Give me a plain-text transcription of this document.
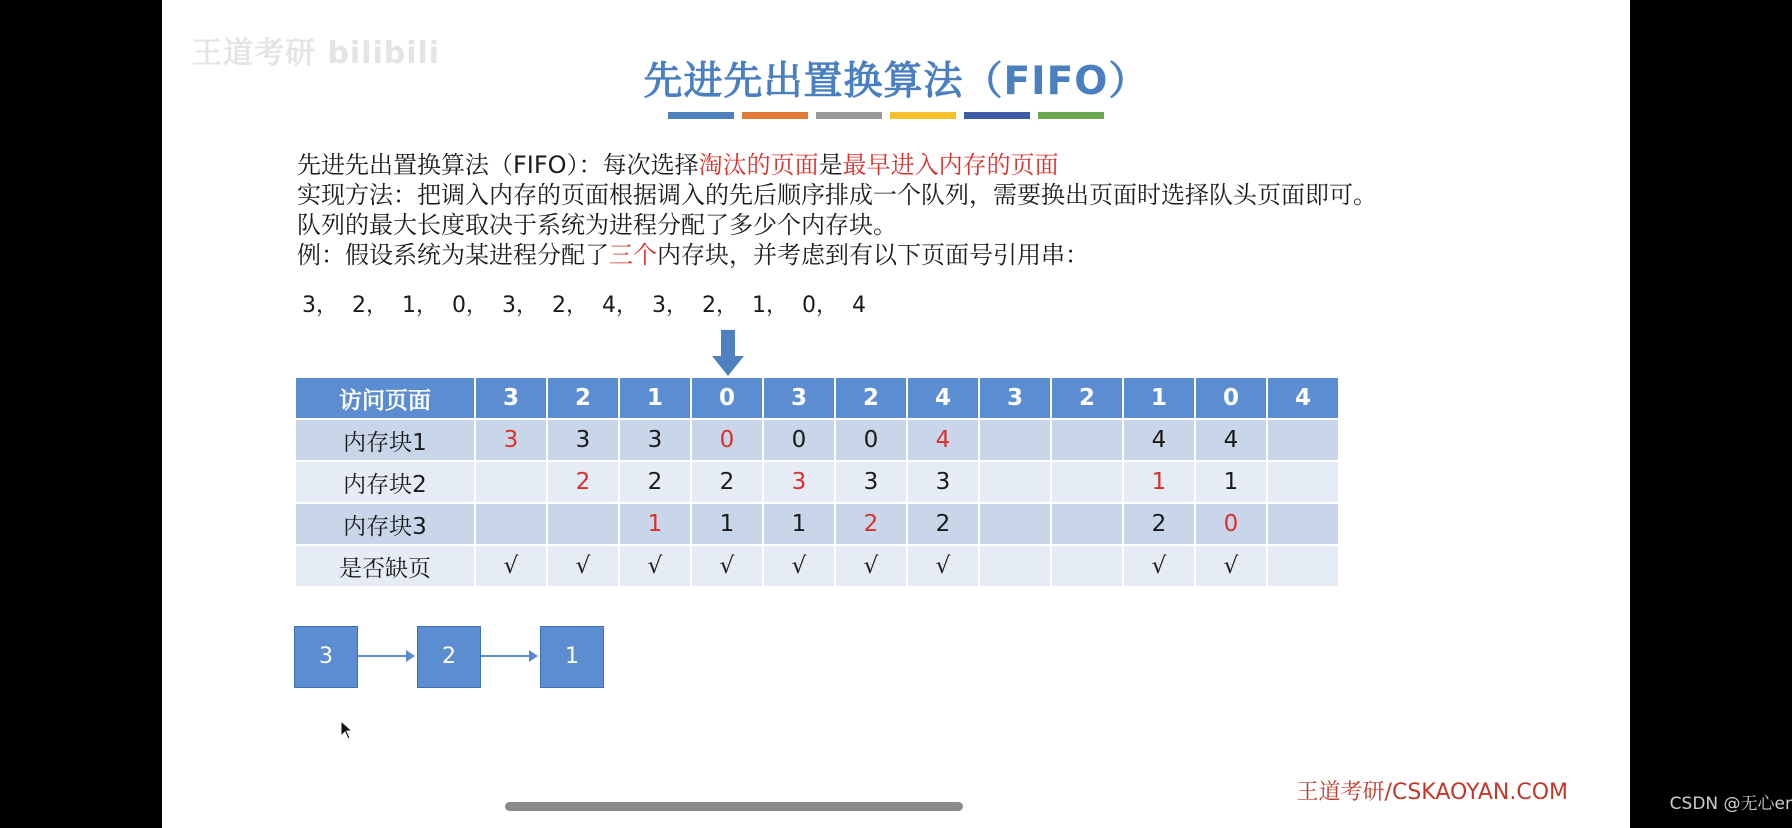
王道考研 bilibili
先进先出置换算法（FIFO）
先进先出置换算法（FIFO）：每次选择淘汰的页面是最早进入内存的页面
实现方法：把调入内存的页面根据调入的先后顺序排成一个队列，需要换出页面时选择队头页面即可。
队列的最大长度取决于系统为进程分配了多少个内存块。
例：假设系统为某进程分配了三个内存块，并考虑到有以下页面号引用串：
3，  2，  1，  0，  3，  2，  4，  3，  2，  1，  0，  4
访问页面	3	2	1	0	3	2	4	3	2	1	0	4
内存块1	3	3	3	0	0	0	4			4	4	
内存块2		2	2	2	3	3	3			1	1	
内存块3			1	1	1	2	2			2	0	
是否缺页	√	√	√	√	√	√	√			√	√	
3	2	1
王道考研/CSKAOYAN.COM	CSDN @无心er
